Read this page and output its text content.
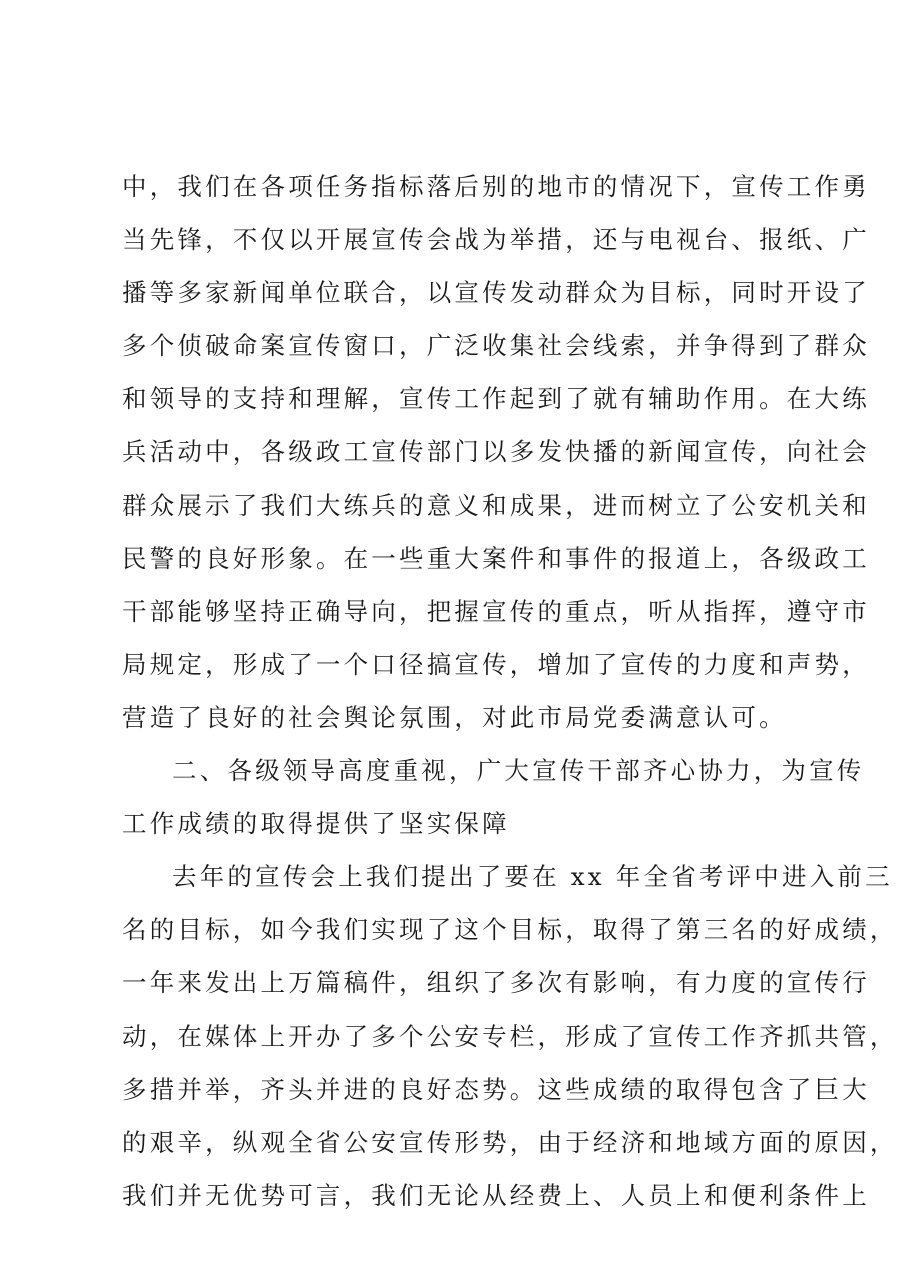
中，我们在各项任务指标落后别的地市的情况下，宣传工作勇
当先锋，不仅以开展宣传会战为举措，还与电视台、报纸、广
播等多家新闻单位联合，以宣传发动群众为目标，同时开设了
多个侦破命案宣传窗口，广泛收集社会线索，并争得到了群众
和领导的支持和理解，宣传工作起到了就有辅助作用。在大练
兵活动中，各级政工宣传部门以多发快播的新闻宣传，向社会
群众展示了我们大练兵的意义和成果，进而树立了公安机关和
民警的良好形象。在一些重大案件和事件的报道上，各级政工
干部能够坚持正确导向，把握宣传的重点，听从指挥，遵守市
局规定，形成了一个口径搞宣传，增加了宣传的力度和声势，
营造了良好的社会舆论氛围，对此市局党委满意认可。
二、各级领导高度重视，广大宣传干部齐心协力，为宣传
工作成绩的取得提供了坚实保障
去年的宣传会上我们提出了要在 xx 年全省考评中进入前三
名的目标，如今我们实现了这个目标，取得了第三名的好成绩，
一年来发出上万篇稿件，组织了多次有影响，有力度的宣传行
动，在媒体上开办了多个公安专栏，形成了宣传工作齐抓共管，
多措并举，齐头并进的良好态势。这些成绩的取得包含了巨大
的艰辛，纵观全省公安宣传形势，由于经济和地域方面的原因，
我们并无优势可言，我们无论从经费上、人员上和便利条件上
